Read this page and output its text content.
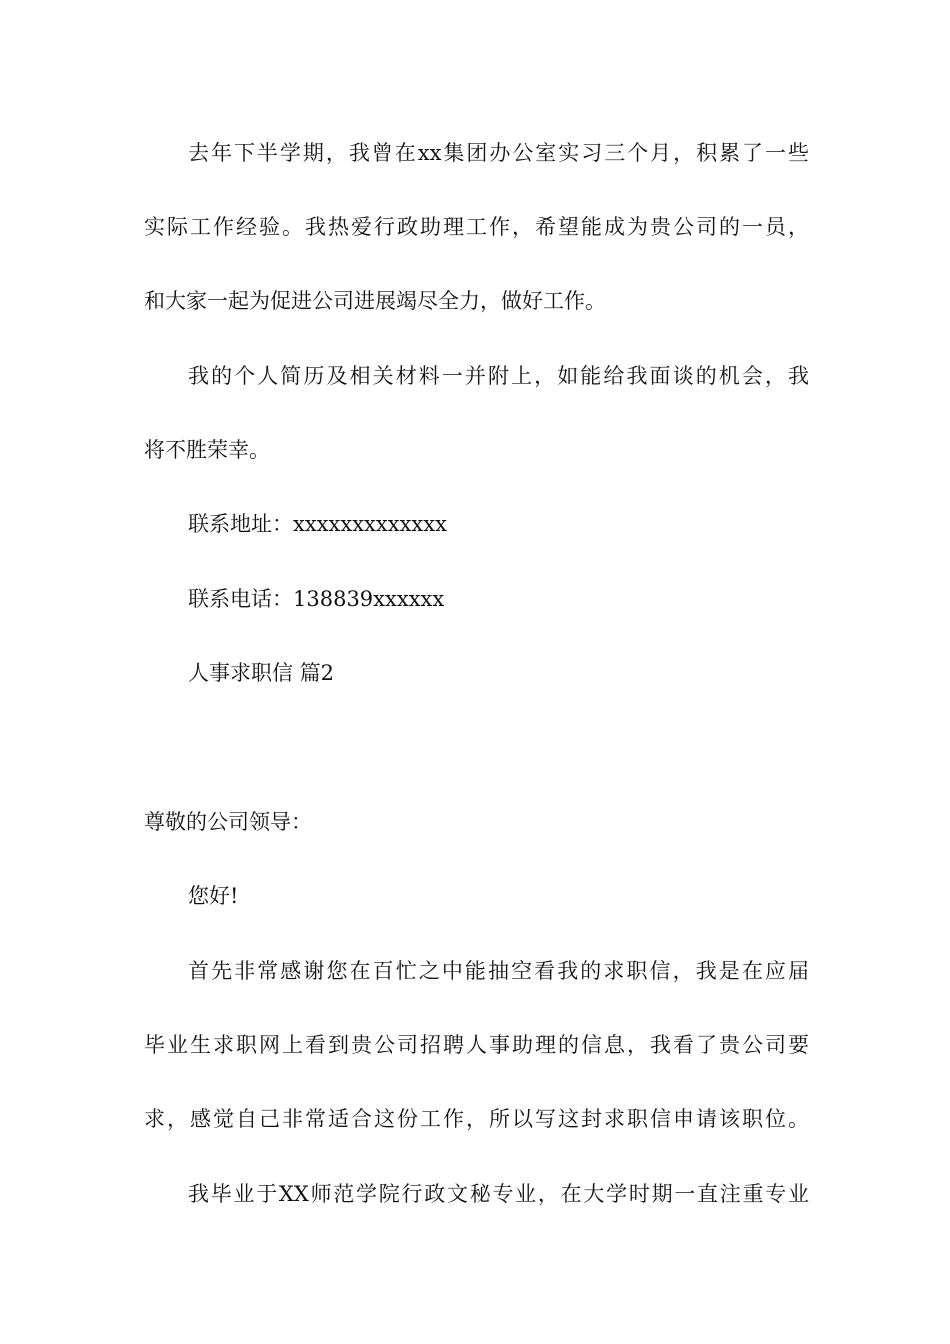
去年下半学期，我曾在xx集团办公室实习三个月，积累了一些
实际工作经验。我热爱行政助理工作，希望能成为贵公司的一员，
和大家一起为促进公司进展竭尽全力，做好工作。
我的个人简历及相关材料一并附上，如能给我面谈的机会，我
将不胜荣幸。
联系地址：xxxxxxxxxxxxx
联系电话：138839xxxxxx
人事求职信 篇2
尊敬的公司领导：
您好!
首先非常感谢您在百忙之中能抽空看我的求职信，我是在应届
毕业生求职网上看到贵公司招聘人事助理的信息，我看了贵公司要
求，感觉自己非常适合这份工作，所以写这封求职信申请该职位。
我毕业于XX师范学院行政文秘专业，在大学时期一直注重专业
